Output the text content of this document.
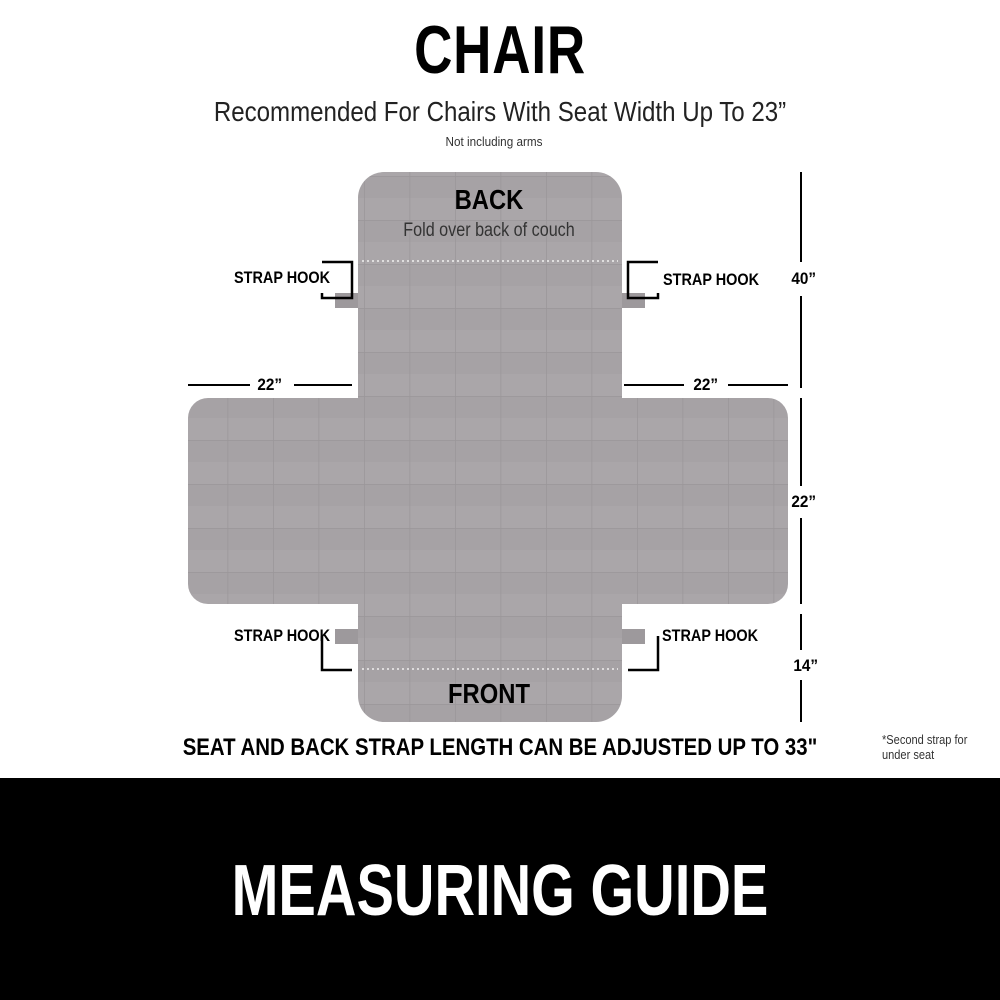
CHAIR
Recommended For Chairs With Seat Width Up To 23”
Not including arms
BACK
Fold over back of couch
FRONT
STRAP HOOK	STRAP HOOK
STRAP HOOK	STRAP HOOK
22”	22”
40”
22”
14”
SEAT AND BACK STRAP LENGTH CAN BE ADJUSTED UP TO 33"	*Second strap for under seat
MEASURING GUIDE
